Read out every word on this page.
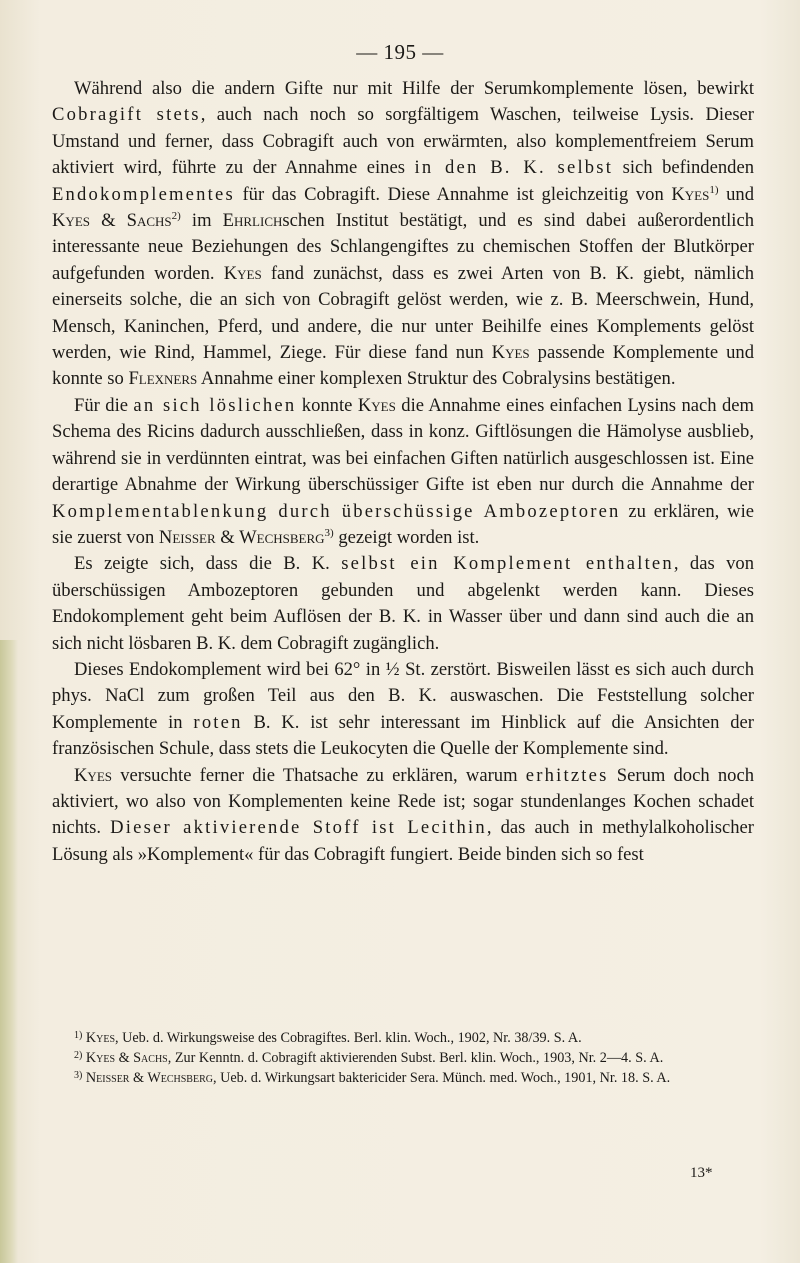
— 195 —

Während also die andern Gifte nur mit Hilfe der Serumkomplemente lösen, bewirkt Cobragift stets, auch nach noch so sorgfältigem Waschen, teilweise Lysis. Dieser Umstand und ferner, dass Cobragift auch von erwärmten, also komplementfreiem Serum aktiviert wird, führte zu der Annahme eines in den B. K. selbst sich befindenden Endokomplementes für das Cobragift. Diese Annahme ist gleichzeitig von Kyes$^{1)}$ und Kyes & Sachs$^{2)}$ im Ehrlichschen Institut bestätigt, und es sind dabei außerordentlich interessante neue Beziehungen des Schlangengiftes zu chemischen Stoffen der Blutkörper aufgefunden worden. Kyes fand zunächst, dass es zwei Arten von B. K. giebt, nämlich einerseits solche, die an sich von Cobragift gelöst werden, wie z. B. Meerschwein, Hund, Mensch, Kaninchen, Pferd, und andere, die nur unter Beihilfe eines Komplements gelöst werden, wie Rind, Hammel, Ziege. Für diese fand nun Kyes passende Komplemente und konnte so Flexners Annahme einer komplexen Struktur des Cobralysins bestätigen.

Für die an sich löslichen konnte Kyes die Annahme eines einfachen Lysins nach dem Schema des Ricins dadurch ausschließen, dass in konz. Giftlösungen die Hämolyse ausblieb, während sie in verdünnten eintrat, was bei einfachen Giften natürlich ausgeschlossen ist. Eine derartige Abnahme der Wirkung überschüssiger Gifte ist eben nur durch die Annahme der Komplementablenkung durch überschüssige Ambozeptoren zu erklären, wie sie zuerst von Neisser & Wechsberg$^{3)}$ gezeigt worden ist.

Es zeigte sich, dass die B. K. selbst ein Komplement enthalten, das von überschüssigen Ambozeptoren gebunden und abgelenkt werden kann. Dieses Endokomplement geht beim Auflösen der B. K. in Wasser über und dann sind auch die an sich nicht lösbaren B. K. dem Cobragift zugänglich.

Dieses Endokomplement wird bei 62° in ½ St. zerstört. Bisweilen lässt es sich auch durch phys. NaCl zum großen Teil aus den B. K. auswaschen. Die Feststellung solcher Komplemente in roten B. K. ist sehr interessant im Hinblick auf die Ansichten der französischen Schule, dass stets die Leukocyten die Quelle der Komplemente sind.

Kyes versuchte ferner die Thatsache zu erklären, warum erhitztes Serum doch noch aktiviert, wo also von Komplementen keine Rede ist; sogar stundenlanges Kochen schadet nichts. Dieser aktivierende Stoff ist Lecithin, das auch in methylalkoholischer Lösung als »Komplement« für das Cobragift fungiert. Beide binden sich so fest

$^{1)}$ Kyes, Ueb. d. Wirkungsweise des Cobragiftes. Berl. klin. Woch., 1902, Nr. 38/39. S. A.

$^{2)}$ Kyes & Sachs, Zur Kenntn. d. Cobragift aktivierenden Subst. Berl. klin. Woch., 1903, Nr. 2—4. S. A.

$^{3)}$ Neisser & Wechsberg, Ueb. d. Wirkungsart baktericider Sera. Münch. med. Woch., 1901, Nr. 18. S. A.

13*
